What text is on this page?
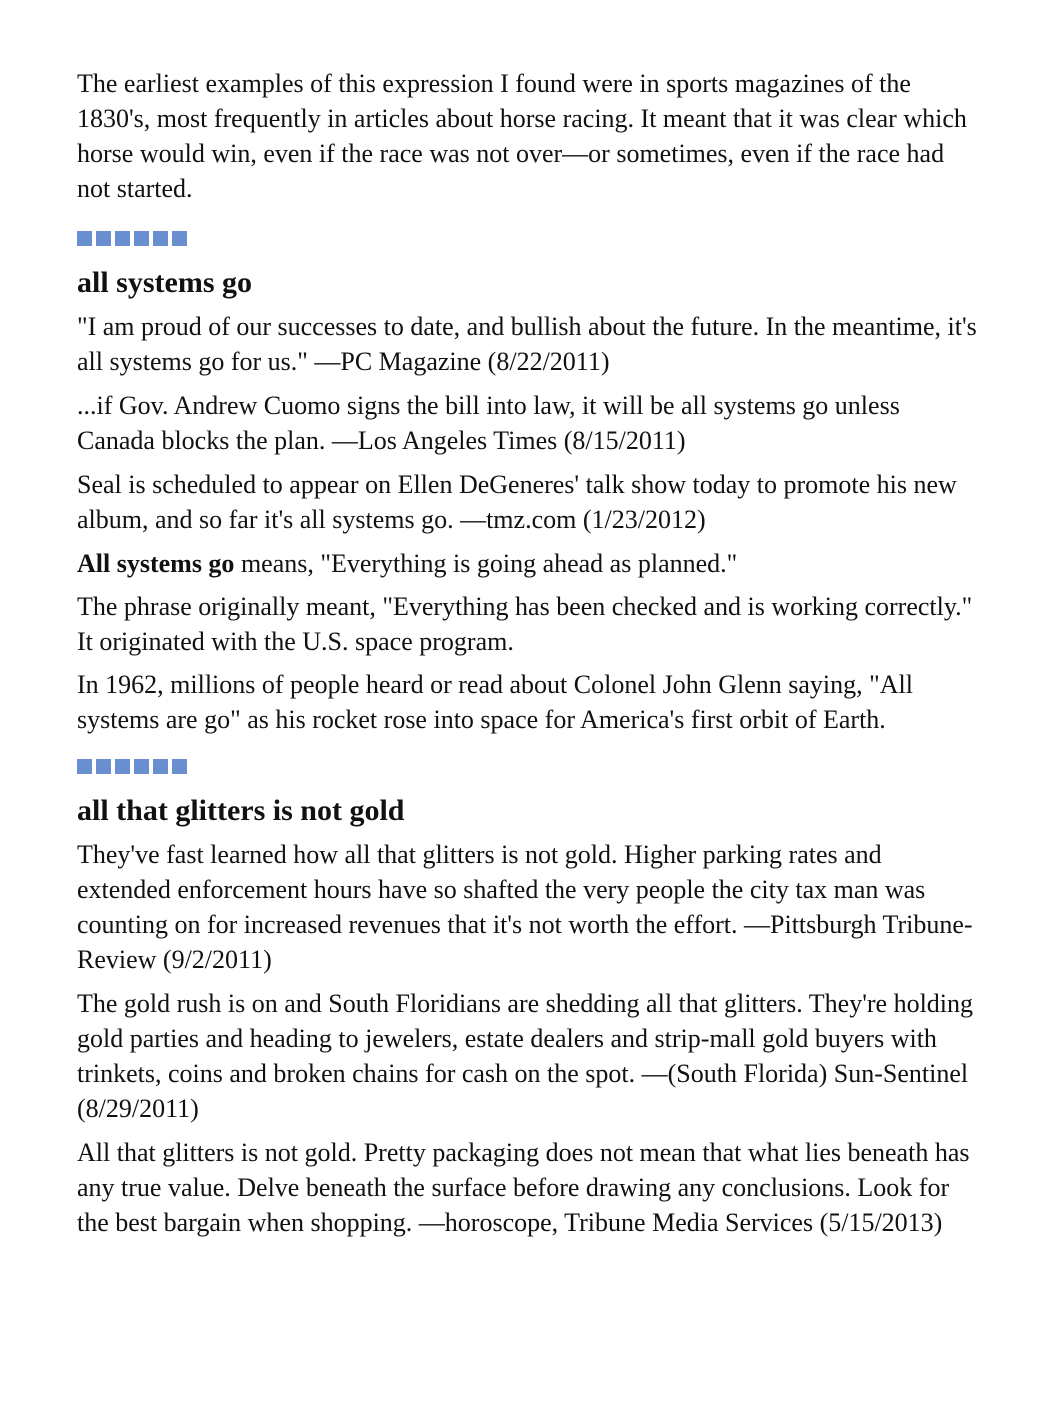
The earliest examples of this expression I found were in sports magazines of the 1830's, most frequently in articles about horse racing. It meant that it was clear which horse would win, even if the race was not over—or sometimes, even if the race had not started.

all systems go

"I am proud of our successes to date, and bullish about the future. In the meantime, it's all systems go for us." —PC Magazine (8/22/2011)

...if Gov. Andrew Cuomo signs the bill into law, it will be all systems go unless Canada blocks the plan. —Los Angeles Times (8/15/2011)

Seal is scheduled to appear on Ellen DeGeneres' talk show today to promote his new album, and so far it's all systems go. —tmz.com (1/23/2012)

All systems go means, "Everything is going ahead as planned."

The phrase originally meant, "Everything has been checked and is working correctly." It originated with the U.S. space program.

In 1962, millions of people heard or read about Colonel John Glenn saying, "All systems are go" as his rocket rose into space for America's first orbit of Earth.

all that glitters is not gold

They've fast learned how all that glitters is not gold. Higher parking rates and extended enforcement hours have so shafted the very people the city tax man was counting on for increased revenues that it's not worth the effort. —Pittsburgh Tribune-Review (9/2/2011)

The gold rush is on and South Floridians are shedding all that glitters. They're holding gold parties and heading to jewelers, estate dealers and strip-mall gold buyers with trinkets, coins and broken chains for cash on the spot. —(South Florida) Sun-Sentinel (8/29/2011)

All that glitters is not gold. Pretty packaging does not mean that what lies beneath has any true value. Delve beneath the surface before drawing any conclusions. Look for the best bargain when shopping. —horoscope, Tribune Media Services (5/15/2013)
